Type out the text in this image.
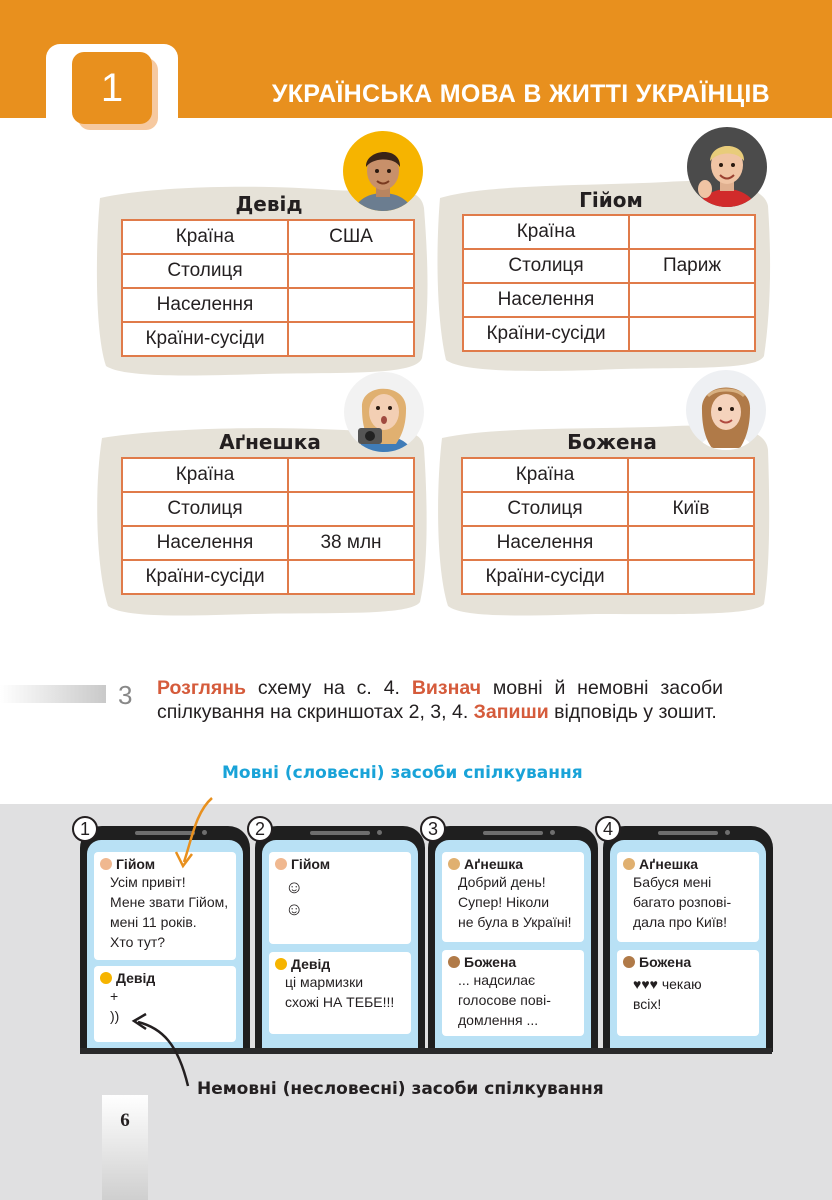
1	УКРАЇНСЬКА МОВА В ЖИТТІ УКРАЇНЦІВ
Девід
Країна	США
Столиця	
Населення	
Країни-сусіди	
Гійом
Країна	
Столиця	Париж
Населення	
Країни-сусіди	
Аґнешка
Країна	
Столиця	
Населення	38 млн
Країни-сусіди	
Божена
Країна	
Столиця	Київ
Населення	
Країни-сусіди	
3 Розглянь схему на с. 4. Визнач мовні й немовні засоби спілкування на скриншотах 2, 3, 4. Запиши відповідь у зошит.
Мовні (словесні) засоби спілкування
Гійом
Усім привіт!
Мене звати Гійом,
мені 11 років.
Хто тут?
Девід
+
))
1
Гійом
☺
☺
Девід
ці мармизки
схожі НА ТЕБЕ!!!
2
Аґнешка
Добрий день!
Супер! Ніколи
не була в Україні!
Божена
... надсилає
голосове пові-
домлення ...
3
Аґнешка
Бабуся мені
багато розпові-
дала про Київ!
Божена
♥♥♥ чекаю
всіх!
4
Немовні (несловесні) засоби спілкування
6
